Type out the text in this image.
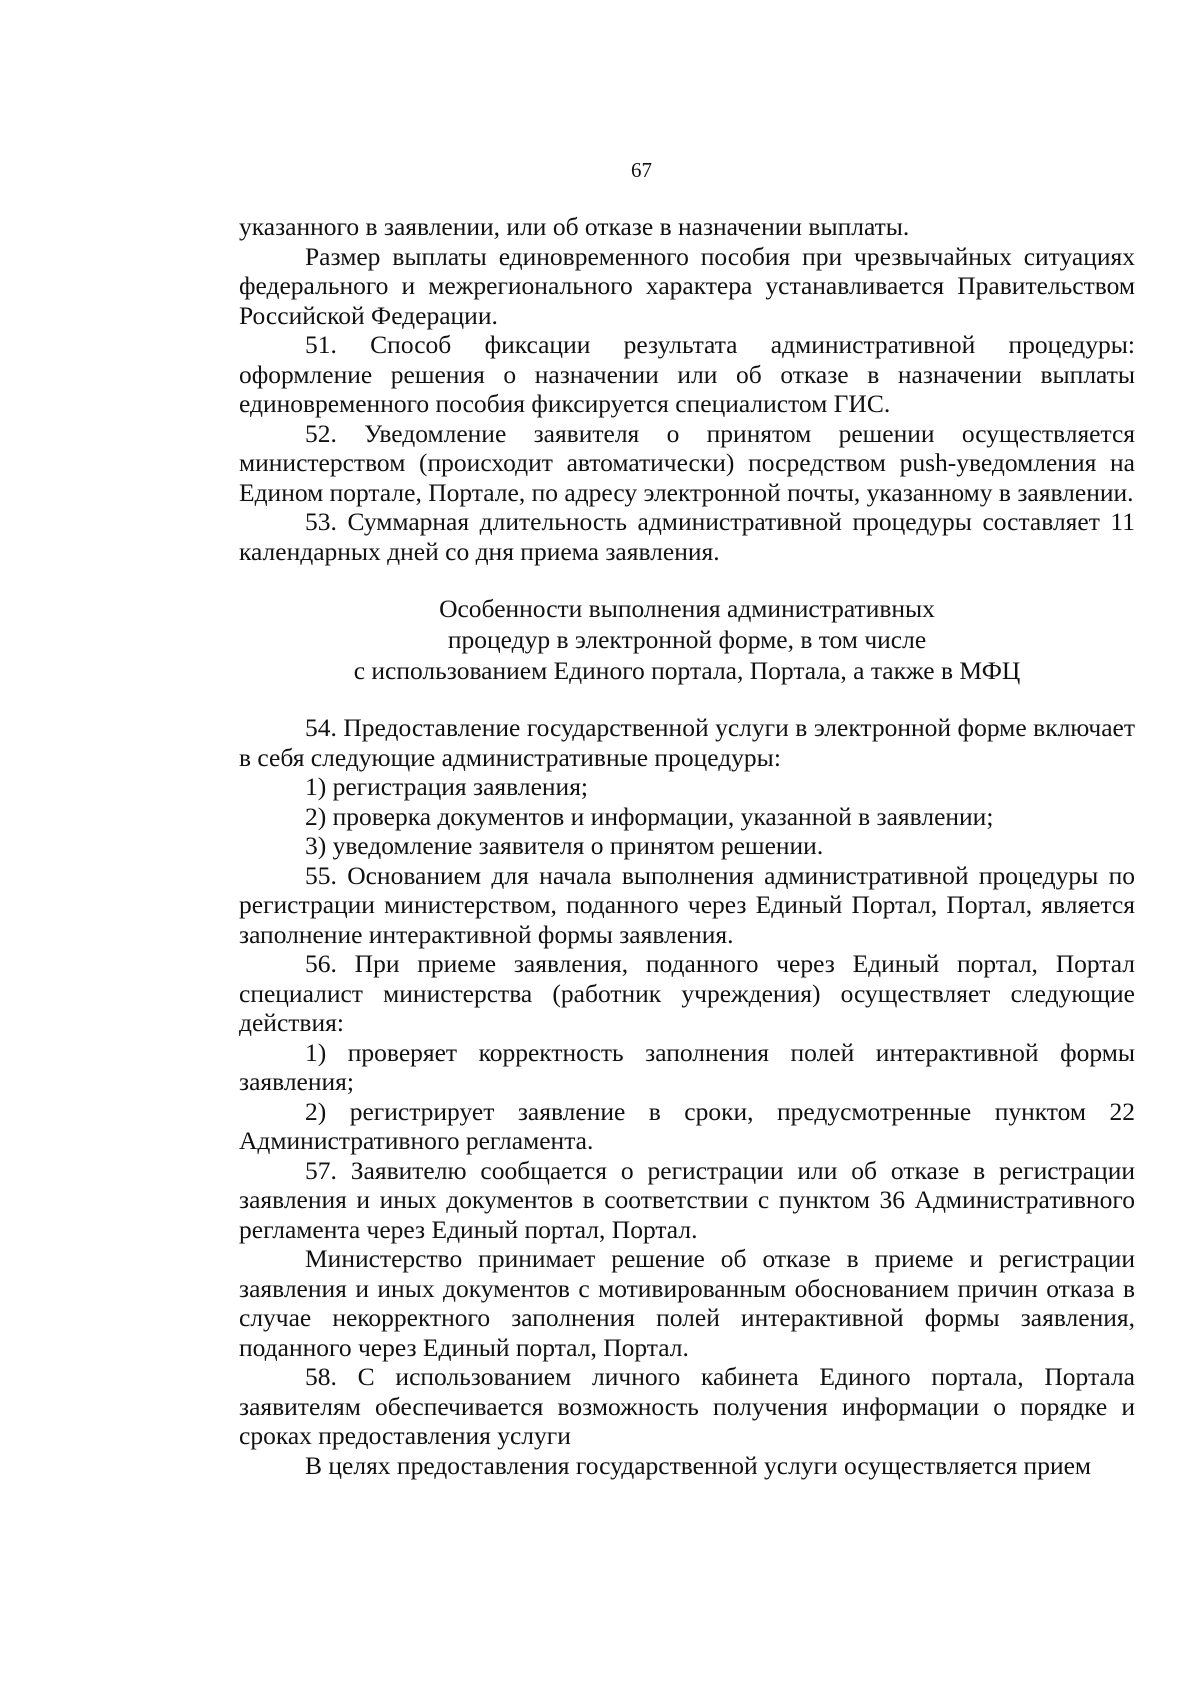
67

указанного в заявлении, или об отказе в назначении выплаты.

Размер выплаты единовременного пособия при чрезвычайных ситуациях федерального и межрегионального характера устанавливается Правительством Российской Федерации.

51. Способ фиксации результата административной процедуры: оформление решения о назначении или об отказе в назначении выплаты единовременного пособия фиксируется специалистом ГИС.

52. Уведомление заявителя о принятом решении осуществляется министерством (происходит автоматически) посредством push-уведомления на Едином портале, Портале, по адресу электронной почты, указанному в заявлении.

53. Суммарная длительность административной процедуры составляет 11 календарных дней со дня приема заявления.

Особенности выполнения административных

процедур в электронной форме, в том числе

с использованием Единого портала, Портала, а также в МФЦ

54. Предоставление государственной услуги в электронной форме включает в себя следующие административные процедуры:

1) регистрация заявления;

2) проверка документов и информации, указанной в заявлении;

3) уведомление заявителя о принятом решении.

55. Основанием для начала выполнения административной процедуры по регистрации министерством, поданного через Единый Портал, Портал, является заполнение интерактивной формы заявления.

56. При приеме заявления, поданного через Единый портал, Портал специалист министерства (работник учреждения) осуществляет следующие действия:

1) проверяет корректность заполнения полей интерактивной формы заявления;

2) регистрирует заявление в сроки, предусмотренные пунктом 22 Административного регламента.

57. Заявителю сообщается о регистрации или об отказе в регистрации заявления и иных документов в соответствии с пунктом 36 Административного регламента через Единый портал, Портал.

Министерство принимает решение об отказе в приеме и регистрации заявления и иных документов с мотивированным обоснованием причин отказа в случае некорректного заполнения полей интерактивной формы заявления, поданного через Единый портал, Портал.

58. С использованием личного кабинета Единого портала, Портала заявителям обеспечивается возможность получения информации о порядке и сроках предоставления услуги

В целях предоставления государственной услуги осуществляется прием
